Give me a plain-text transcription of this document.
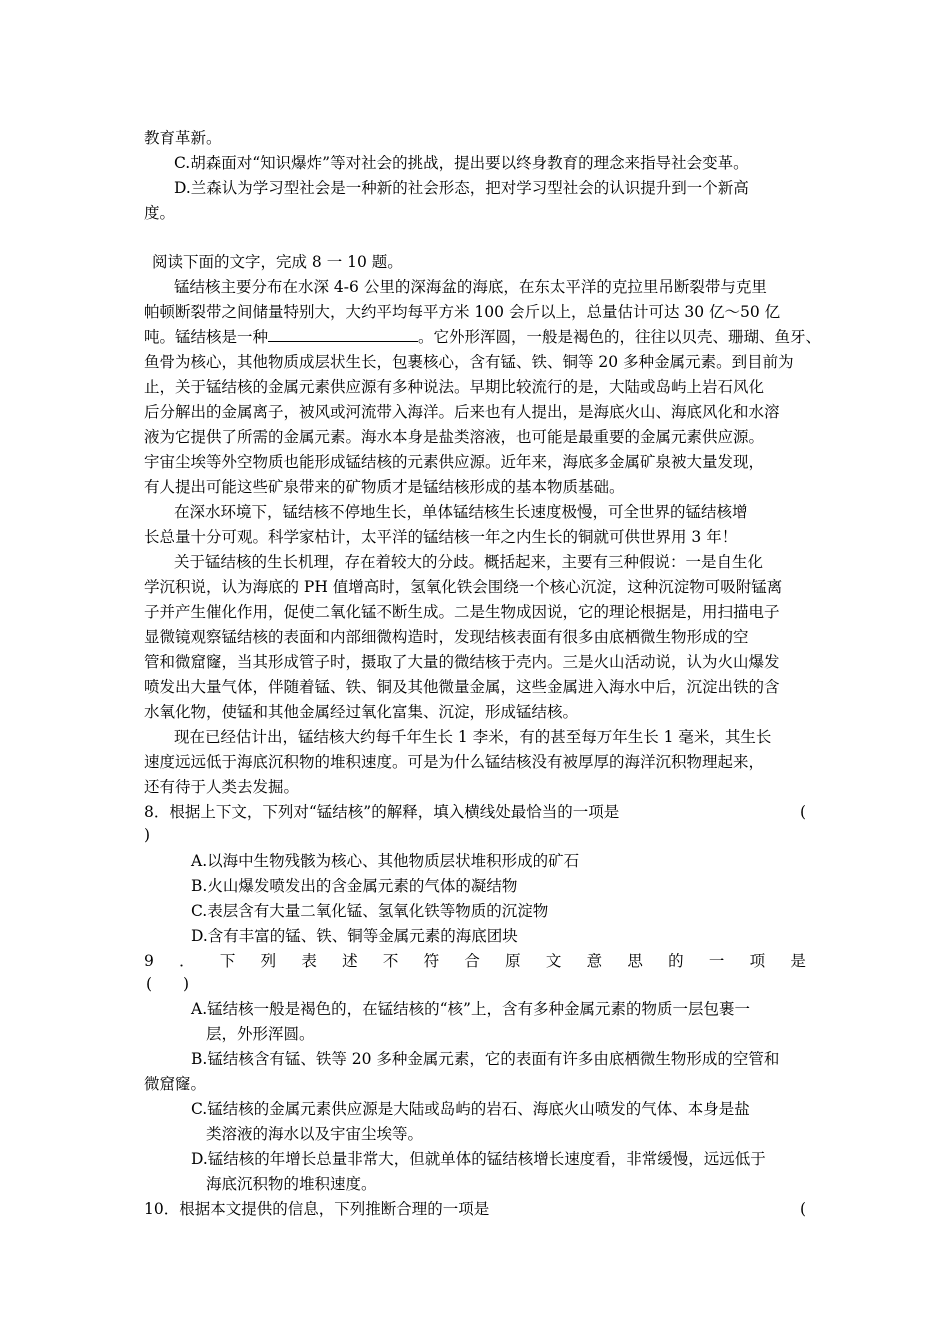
教育革新。
C.胡森面对“知识爆炸”等对社会的挑战，提出要以终身教育的理念来指导社会变革。
D.兰森认为学习型社会是一种新的社会形态，把对学习型社会的认识提升到一个新高
度。
阅读下面的文字，完成 8 一 10 题。
锰结核主要分布在水深 4-6 公里的深海盆的海底，在东太平洋的克拉里吊断裂带与克里
帕顿断裂带之间储量特别大，大约平均每平方米 100 会斤以上，总量估计可达 30 亿～50 亿
吨。锰结核是一种	。它外形浑圆，一般是褐色的，往往以贝壳、珊瑚、鱼牙、
鱼骨为核心，其他物质成层状生长，包裹核心，含有锰、铁、铜等 20 多种金属元素。到目前为
止，关于锰结核的金属元素供应源有多种说法。早期比较流行的是，大陆或岛屿上岩石风化
后分解出的金属离子，被风或河流带入海洋。后来也有人提出，是海底火山、海底风化和水溶
液为它提供了所需的金属元素。海水本身是盐类溶液，也可能是最重要的金属元素供应源。
宇宙尘埃等外空物质也能形成锰结核的元素供应源。近年来，海底多金属矿泉被大量发现，
有人提出可能这些矿泉带来的矿物质才是锰结核形成的基本物质基础。
在深水环境下，锰结核不停地生长，单体锰结核生长速度极慢，可全世界的锰结核增
长总量十分可观。科学家枯计，太平洋的锰结核一年之内生长的铜就可供世界用 3 年！
关于锰结核的生长机理，存在着较大的分歧。概括起来，主要有三种假说：一是自生化
学沉积说，认为海底的 PH 值增高时，氢氧化铁会围绕一个核心沉淀，这种沉淀物可吸附锰离
子并产生催化作用，促使二氧化锰不断生成。二是生物成因说，它的理论根据是，用扫描电子
显微镜观察锰结核的表面和内部细微构造时，发现结核表面有很多由底栖微生物形成的空
管和微窟窿，当其形成管子时，摄取了大量的微结核于壳内。三是火山活动说，认为火山爆发
喷发出大量气体，伴随着锰、铁、铜及其他微量金属，这些金属进入海水中后，沉淀出铁的含
水氧化物，使锰和其他金属经过氧化富集、沉淀，形成锰结核。
现在已经估计出，锰结核大约每千年生长 1 李米，有的甚至每万年生长 1 毫米，其生长
速度远远低于海底沉积物的堆积速度。可是为什么锰结核没有被厚厚的海洋沉积物理起来，
还有待于人类去发掘。
8．根据上下文，下列对“锰结核”的解释，填入横线处最恰当的一项是	(
)
A.以海中生物残骸为核心、其他物质层状堆积形成的矿石
B.火山爆发喷发出的含金属元素的气体的凝结物
C.表层含有大量二氧化锰、氢氧化铁等物质的沉淀物
D.含有丰富的锰、铁、铜等金属元素的海底团块
9 ． 下 列 表 述 不 符 合 原 文 意 思 的 一 项 是
(　　)
A.锰结核一般是褐色的，在锰结核的“核”上，含有多种金属元素的物质一层包裹一
层，外形浑圆。
B.锰结核含有锰、铁等 20 多种金属元素，它的表面有许多由底栖微生物形成的空管和
微窟窿。
C.锰结核的金属元素供应源是大陆或岛屿的岩石、海底火山喷发的气体、本身是盐
类溶液的海水以及宇宙尘埃等。
D.锰结核的年增长总量非常大，但就单体的锰结核增长速度看，非常缓慢，远远低于
海底沉积物的堆积速度。
10．根据本文提供的信息，下列推断合理的一项是	(
